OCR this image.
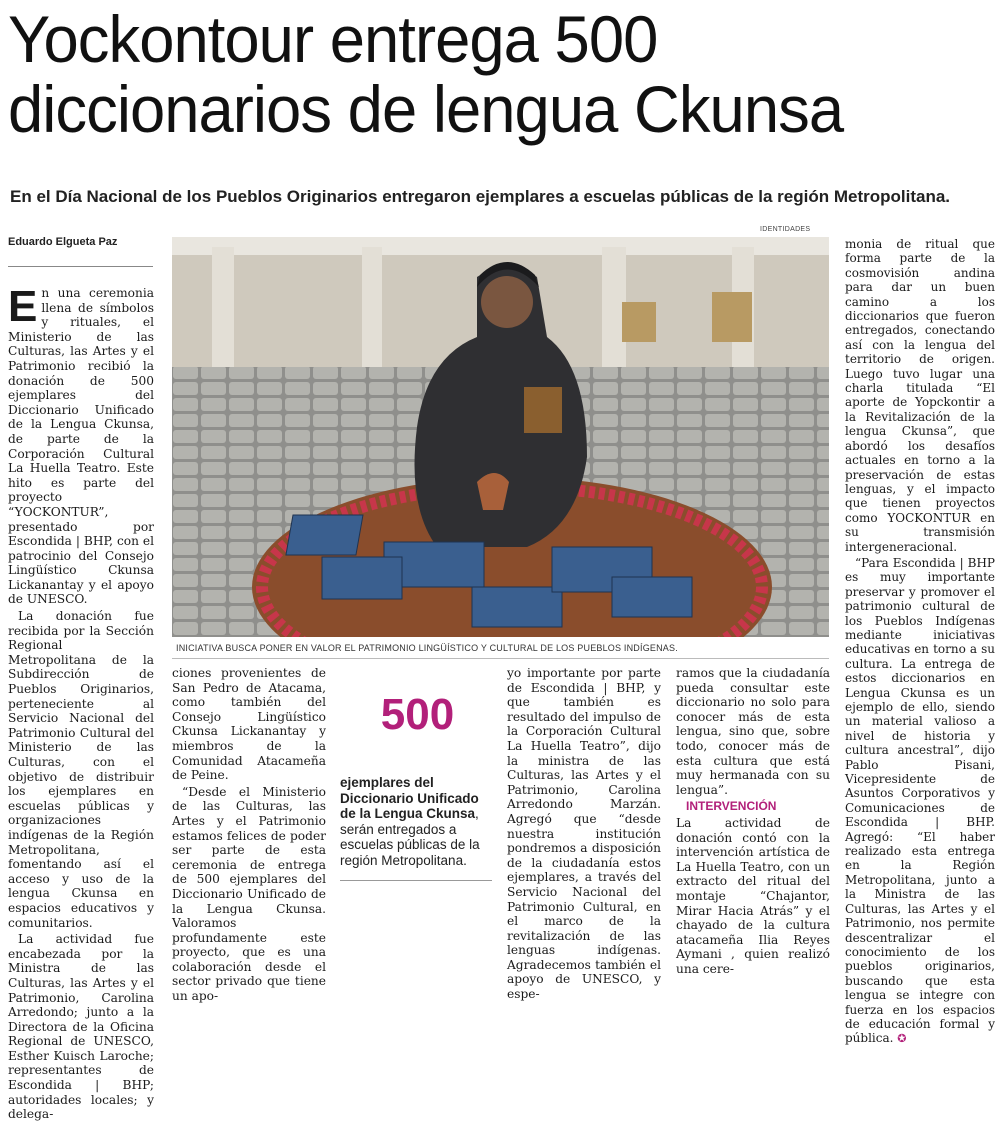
Yockontour entrega 500 diccionarios de lengua Ckunsa

En el Día Nacional de los Pueblos Originarios entregaron ejemplares a escuelas públicas de la región Metropolitana.

Eduardo Elgueta Paz

En una ceremonia llena de símbolos y rituales, el Ministerio de las Culturas, las Artes y el Patrimonio recibió la donación de 500 ejemplares del Diccionario Unificado de la Lengua Ckunsa, de parte de la Corporación Cultural La Huella Teatro. Este hito es parte del proyecto “YOCKONTUR”, presentado por Escondida | BHP, con el patrocinio del Consejo Lingüístico Ckunsa Lickanantay y el apoyo de UNESCO.

La donación fue recibida por la Sección Regional Metropolitana de la Subdirección de Pueblos Originarios, perteneciente al Servicio Nacional del Patrimonio Cultural del Ministerio de las Culturas, con el objetivo de distribuir los ejemplares en escuelas públicas y organizaciones indígenas de la Región Metropolitana, fomentando así el acceso y uso de la lengua Ckunsa en espacios educativos y comunitarios.

La actividad fue encabezada por la Ministra de las Culturas, las Artes y el Patrimonio, Carolina Arredondo; junto a la Directora de la Oficina Regional de UNESCO, Esther Kuisch Laroche; representantes de Escondida | BHP; autoridades locales; y delega-

IDENTIDADES
INICIATIVA BUSCA PONER EN VALOR EL PATRIMONIO LINGÜÍSTICO Y CULTURAL DE LOS PUEBLOS INDÍGENAS.

ciones provenientes de San Pedro de Atacama, como también del Consejo Lingüístico Ckunsa Lickanantay y miembros de la Comunidad Atacameña de Peine.

“Desde el Ministerio de las Culturas, las Artes y el Patrimonio estamos felices de poder ser parte de esta ceremonia de entrega de 500 ejemplares del Diccionario Unificado de la Lengua Ckunsa. Valoramos profundamente este proyecto, que es una colaboración desde el sector privado que tiene un apo-

500
ejemplares del Diccionario Unificado de la Lengua Ckunsa, serán entregados a escuelas públicas de la región Metropolitana.

yo importante por parte de Escondida | BHP, y que también es resultado del impulso de la Corporación Cultural La Huella Teatro”, dijo la ministra de las Culturas, las Artes y el Patrimonio, Carolina Arredondo Marzán. Agregó que “desde nuestra institución pondremos a disposición de la ciudadanía estos ejemplares, a través del Servicio Nacional del Patrimonio Cultural, en el marco de la revitalización de las lenguas indígenas. Agradecemos también el apoyo de UNESCO, y espe-

ramos que la ciudadanía pueda consultar este diccionario no solo para conocer más de esta lengua, sino que, sobre todo, conocer más de esta cultura que está muy hermanada con su lengua”.

INTERVENCIÓN

La actividad de donación contó con la intervención artística de La Huella Teatro, con un extracto del ritual del montaje “Chajantor, Mirar Hacia Atrás” y el chayado de la cultura atacameña Ilia Reyes Aymani , quien realizó una cere-

monia de ritual que forma parte de la cosmovisión andina para dar un buen camino a los diccionarios que fueron entregados, conectando así con la lengua del territorio de origen. Luego tuvo lugar una charla titulada “El aporte de Yopckontir a la Revitalización de la lengua Ckunsa”, que abordó los desafíos actuales en torno a la preservación de estas lenguas, y el impacto que tienen proyectos como YOCKONTUR en su transmisión intergeneracional.

“Para Escondida | BHP es muy importante preservar y promover el patrimonio cultural de los Pueblos Indígenas mediante iniciativas educativas en torno a su cultura. La entrega de estos diccionarios en Lengua Ckunsa es un ejemplo de ello, siendo un material valioso a nivel de historia y cultura ancestral”, dijo Pablo Pisani, Vicepresidente de Asuntos Corporativos y Comunicaciones de Escondida | BHP. Agregó: “El haber realizado esta entrega en la Región Metropolitana, junto a la Ministra de las Culturas, las Artes y el Patrimonio, nos permite descentralizar el conocimiento de los pueblos originarios, buscando que esta lengua se integre con fuerza en los espacios de educación formal y pública. ✪
